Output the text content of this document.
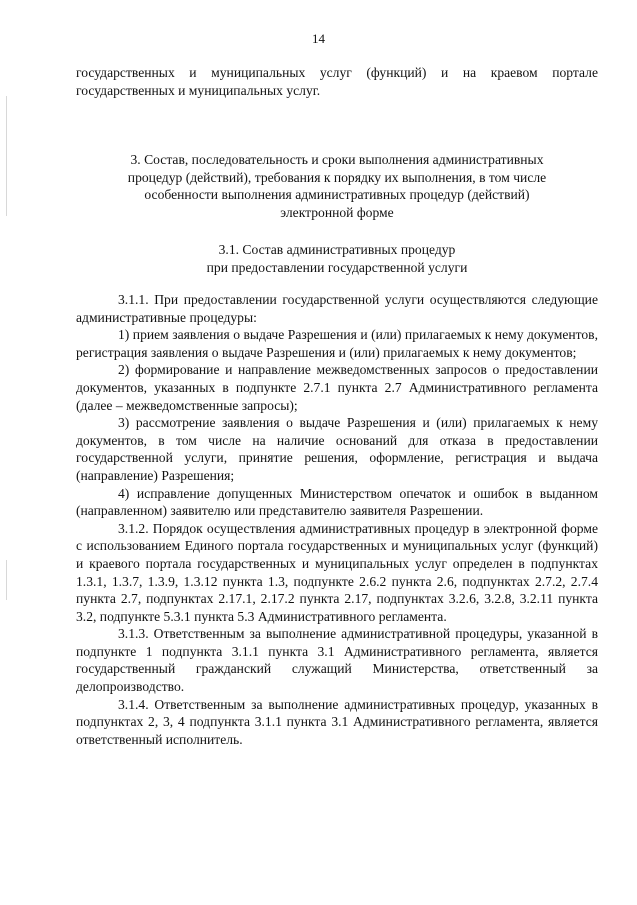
14

государственных и муниципальных услуг (функций) и на краевом портале государственных и муниципальных услуг.

3. Состав, последовательность и сроки выполнения административных
процедур (действий), требования к порядку их выполнения, в том числе
особенности выполнения административных процедур (действий)
электронной форме
3.1. Состав административных процедур
при предоставлении государственной услуги

3.1.1. При предоставлении государственной услуги осуществляются следующие административные процедуры:

1) прием заявления о выдаче Разрешения и (или) прилагаемых к нему документов, регистрация заявления о выдаче Разрешения и (или) прилагаемых к нему документов;

2) формирование и направление межведомственных запросов о предоставлении документов, указанных в подпункте 2.7.1 пункта 2.7 Административного регламента (далее – межведомственные запросы);

3) рассмотрение заявления о выдаче Разрешения и (или) прилагаемых к нему документов, в том числе на наличие оснований для отказа в предоставлении государственной услуги, принятие решения, оформление, регистрация и выдача (направление) Разрешения;

4) исправление допущенных Министерством опечаток и ошибок в выданном (направленном) заявителю или представителю заявителя Разрешении.

3.1.2. Порядок осуществления административных процедур в электронной форме с использованием Единого портала государственных и муниципальных услуг (функций) и краевого портала государственных и муниципальных услуг определен в подпунктах 1.3.1, 1.3.7, 1.3.9, 1.3.12 пункта 1.3, подпункте 2.6.2 пункта 2.6, подпунктах 2.7.2, 2.7.4 пункта 2.7, подпунктах 2.17.1, 2.17.2 пункта 2.17, подпунктах 3.2.6, 3.2.8, 3.2.11 пункта 3.2, подпункте 5.3.1 пункта 5.3 Административного регламента.

3.1.3. Ответственным за выполнение административной процедуры, указанной в подпункте 1 подпункта 3.1.1 пункта 3.1 Административного регламента, является государственный гражданский служащий Министерства, ответственный за делопроизводство.

3.1.4. Ответственным за выполнение административных процедур, указанных в подпунктах 2, 3, 4 подпункта 3.1.1 пункта 3.1 Административного регламента, является ответственный исполнитель.
